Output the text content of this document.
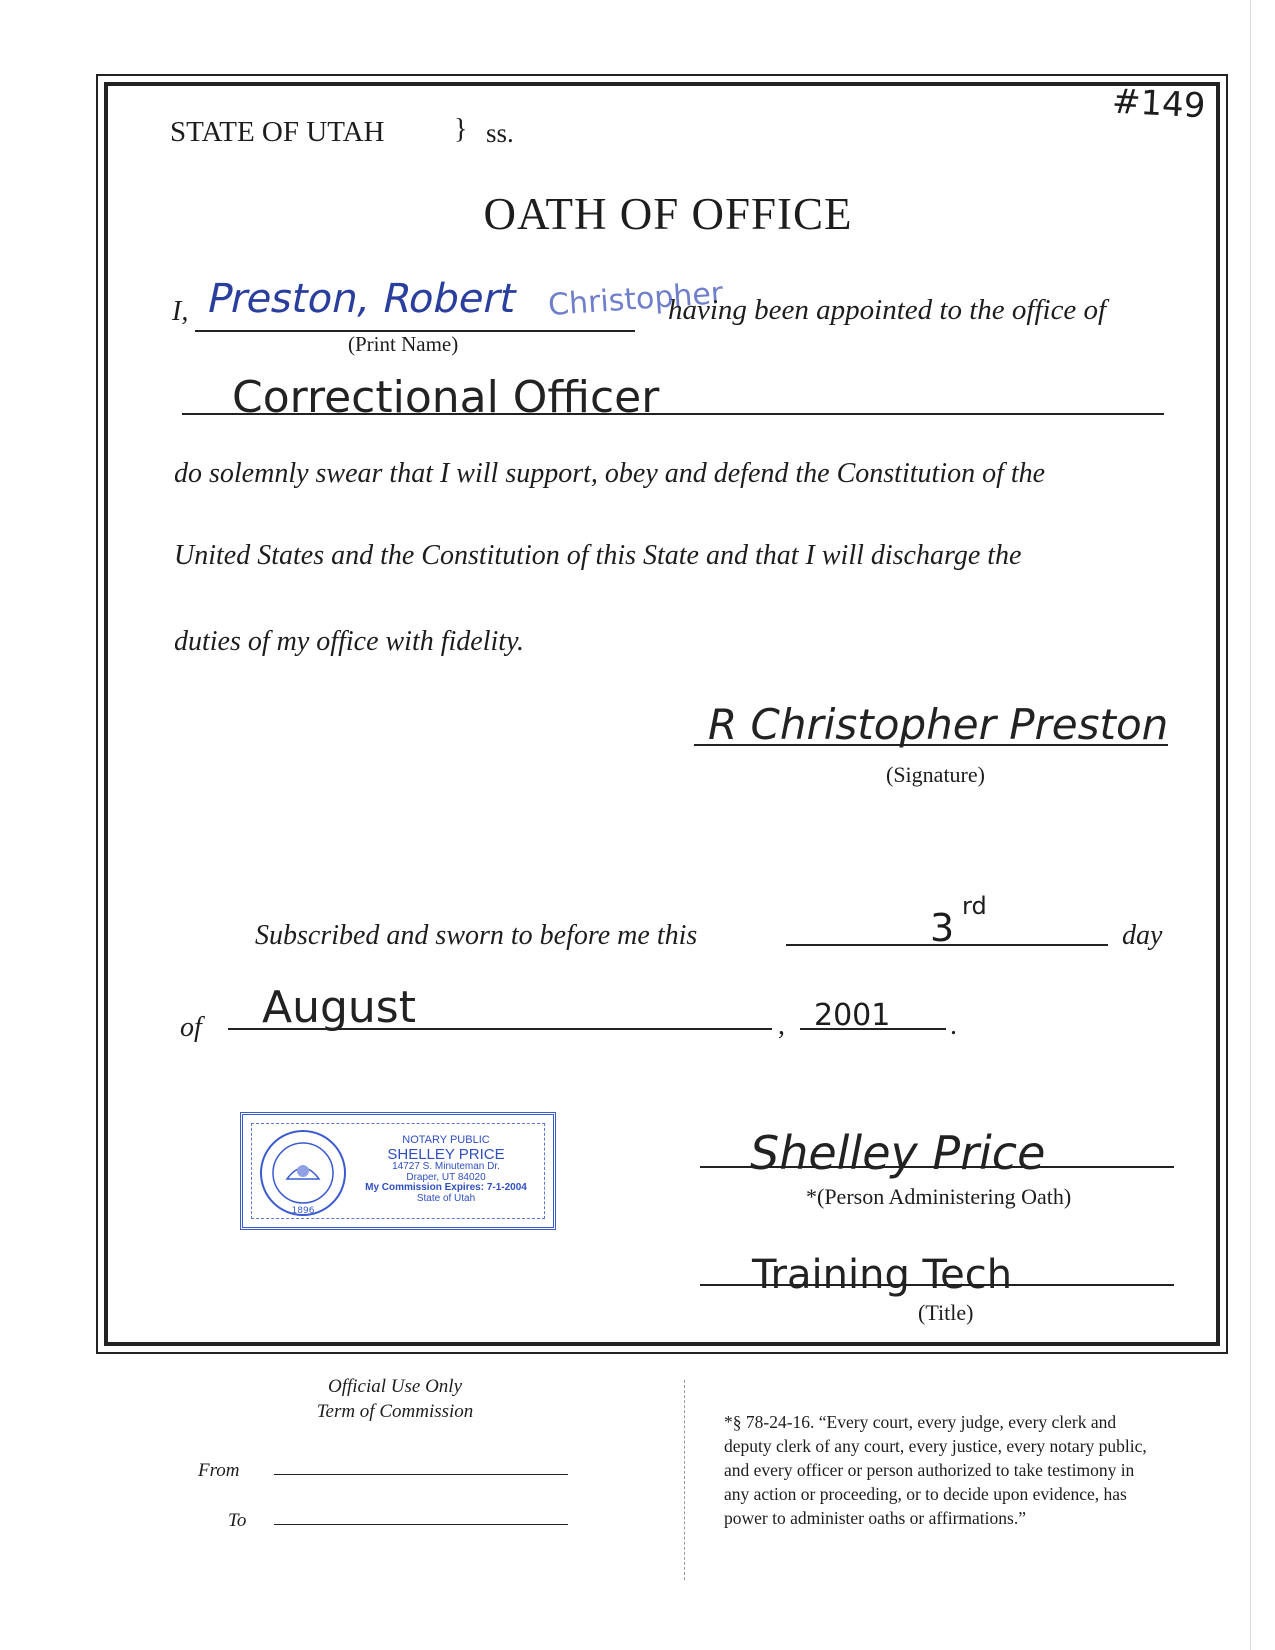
STATE OF UTAH } ss.
#149
OATH OF OFFICE
I, Preston, Robert Christopher
having been appointed to the office of
(Print Name)
Correctional Officer
do solemnly swear that I will support, obey and defend the Constitution of the
United States and the Constitution of this State and that I will discharge the
duties of my office with fidelity.
R Christopher Preston
(Signature)
Subscribed and sworn to before me this	3 rd
day
of August	, 2001 .
1896
NOTARY PUBLIC
SHELLEY PRICE
14727 S. Minuteman Dr.
Draper, UT 84020
My Commission Expires: 7-1-2004
State of Utah
Shelley Price
*(Person Administering Oath)
Training Tech
(Title)
Official Use Only
Term of Commission
From
To
*§ 78-24-16. “Every court, every judge, every clerk and
deputy clerk of any court, every justice, every notary public,
and every officer or person authorized to take testimony in
any action or proceeding, or to decide upon evidence, has
power to administer oaths or affirmations.”
